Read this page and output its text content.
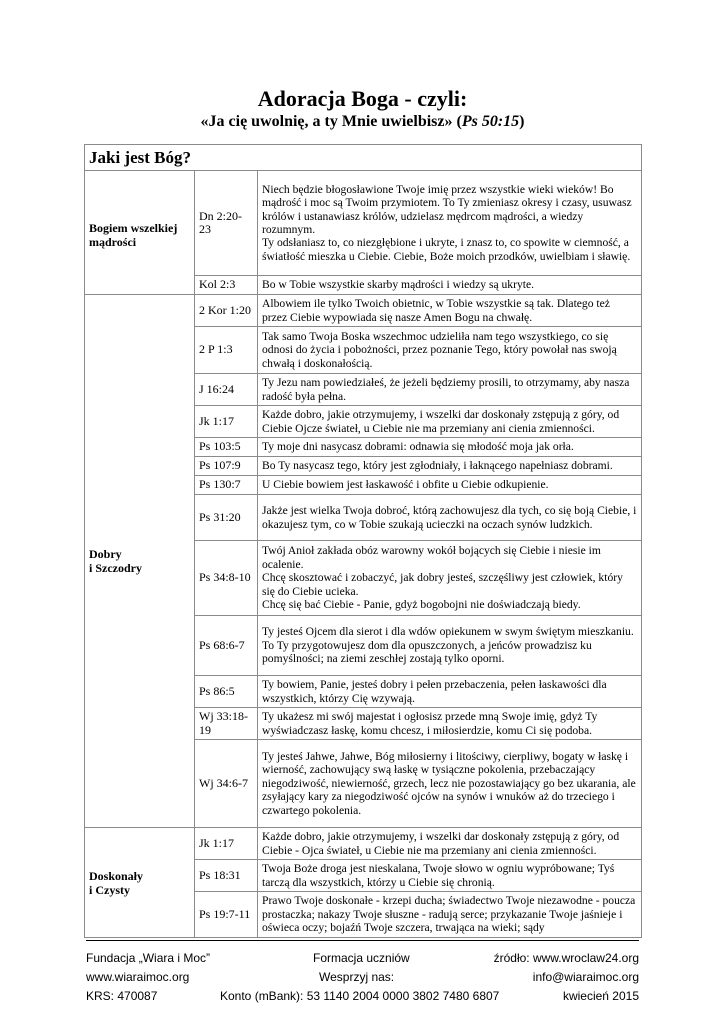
Adoracja Boga - czyli:
«Ja cię uwolnię, a ty Mnie uwielbisz» (Ps 50:15)
Jaki jest Bóg?		
Bogiem wszelkiej mądrości	Dn 2:20-23	Niech będzie błogosławione Twoje imię przez wszystkie wieki wieków! Bo mądrość i moc są Twoim przymiotem. To Ty zmieniasz okresy i czasy, usuwasz królów i ustanawiasz królów, udzielasz mędrcom mądrości, a wiedzy rozumnym.
Ty odsłaniasz to, co niezgłębione i ukryte, i znasz to, co spowite w ciemność, a światłość mieszka u Ciebie. Ciebie, Boże moich przodków, uwielbiam i sławię.
	Kol 2:3	Bo w Tobie wszystkie skarby mądrości i wiedzy są ukryte.
Dobry
i Szczodry	2 Kor 1:20	Albowiem ile tylko Twoich obietnic, w Tobie wszystkie są tak. Dlatego też przez Ciebie wypowiada się nasze Amen Bogu na chwałę.
	2 P 1:3	Tak samo Twoja Boska wszechmoc udzieliła nam tego wszystkiego, co się odnosi do życia i pobożności, przez poznanie Tego, który powołał nas swoją chwałą i doskonałością.
	J 16:24	Ty Jezu nam powiedziałeś, że jeżeli będziemy prosili, to otrzymamy, aby nasza radość była pełna.
	Jk 1:17	Każde dobro, jakie otrzymujemy, i wszelki dar doskonały zstępują z góry, od Ciebie Ojcze świateł, u Ciebie nie ma przemiany ani cienia zmienności.
	Ps 103:5	Ty moje dni nasycasz dobrami: odnawia się młodość moja jak orła.
	Ps 107:9	Bo Ty nasycasz tego, który jest zgłodniały, i łaknącego napełniasz dobrami.
	Ps 130:7	U Ciebie bowiem jest łaskawość i obfite u Ciebie odkupienie.
	Ps 31:20	Jakże jest wielka Twoja dobroć, którą zachowujesz dla tych, co się boją Ciebie, i okazujesz tym, co w Tobie szukają ucieczki na oczach synów ludzkich.
	Ps 34:8-10	Twój Anioł zakłada obóz warowny wokół bojących się Ciebie i niesie im ocalenie.
Chcę skosztować i zobaczyć, jak dobry jesteś, szczęśliwy jest człowiek, który się do Ciebie ucieka.
Chcę się bać Ciebie - Panie, gdyż bogobojni nie doświadczają biedy.
	Ps 68:6-7	Ty jesteś Ojcem dla sierot i dla wdów opiekunem w swym świętym mieszkaniu.
To Ty przygotowujesz dom dla opuszczonych, a jeńców prowadzisz ku pomyślności; na ziemi zeschłej zostają tylko oporni.
	Ps 86:5	Ty bowiem, Panie, jesteś dobry i pełen przebaczenia, pełen łaskawości dla wszystkich, którzy Cię wzywają.
	Wj 33:18-19	Ty ukażesz mi swój majestat i ogłosisz przede mną Swoje imię, gdyż Ty wyświadczasz łaskę, komu chcesz, i miłosierdzie, komu Ci się podoba.
	Wj 34:6-7	Ty jesteś Jahwe, Jahwe, Bóg miłosierny i litościwy, cierpliwy, bogaty w łaskę i wierność, zachowujący swą łaskę w tysiączne pokolenia, przebaczający niegodziwość, niewierność, grzech, lecz nie pozostawiający go bez ukarania, ale zsyłający kary za niegodziwość ojców na synów i wnuków aż do trzeciego i czwartego pokolenia.
Doskonały
i Czysty	Jk 1:17	Każde dobro, jakie otrzymujemy, i wszelki dar doskonały zstępują z góry, od Ciebie - Ojca świateł, u Ciebie nie ma przemiany ani cienia zmienności.
	Ps 18:31	Twoja Boże droga jest nieskalana, Twoje słowo w ogniu wypróbowane; Tyś tarczą dla wszystkich, którzy u Ciebie się chronią.
	Ps 19:7-11	Prawo Twoje doskonałe - krzepi ducha; świadectwo Twoje niezawodne - poucza prostaczka; nakazy Twoje słuszne - radują serce; przykazanie Twoje jaśnieje i oświeca oczy; bojaźń Twoje szczera, trwająca na wieki; sądy
Fundacja „Wiara i Moc”	Formacja uczniów	źródło: www.wroclaw24.org
www.wiaraimoc.org	Wesprzyj nas:	info@wiaraimoc.org
KRS: 470087	Konto (mBank): 53 1140 2004 0000 3802 7480 6807	kwiecień 2015
